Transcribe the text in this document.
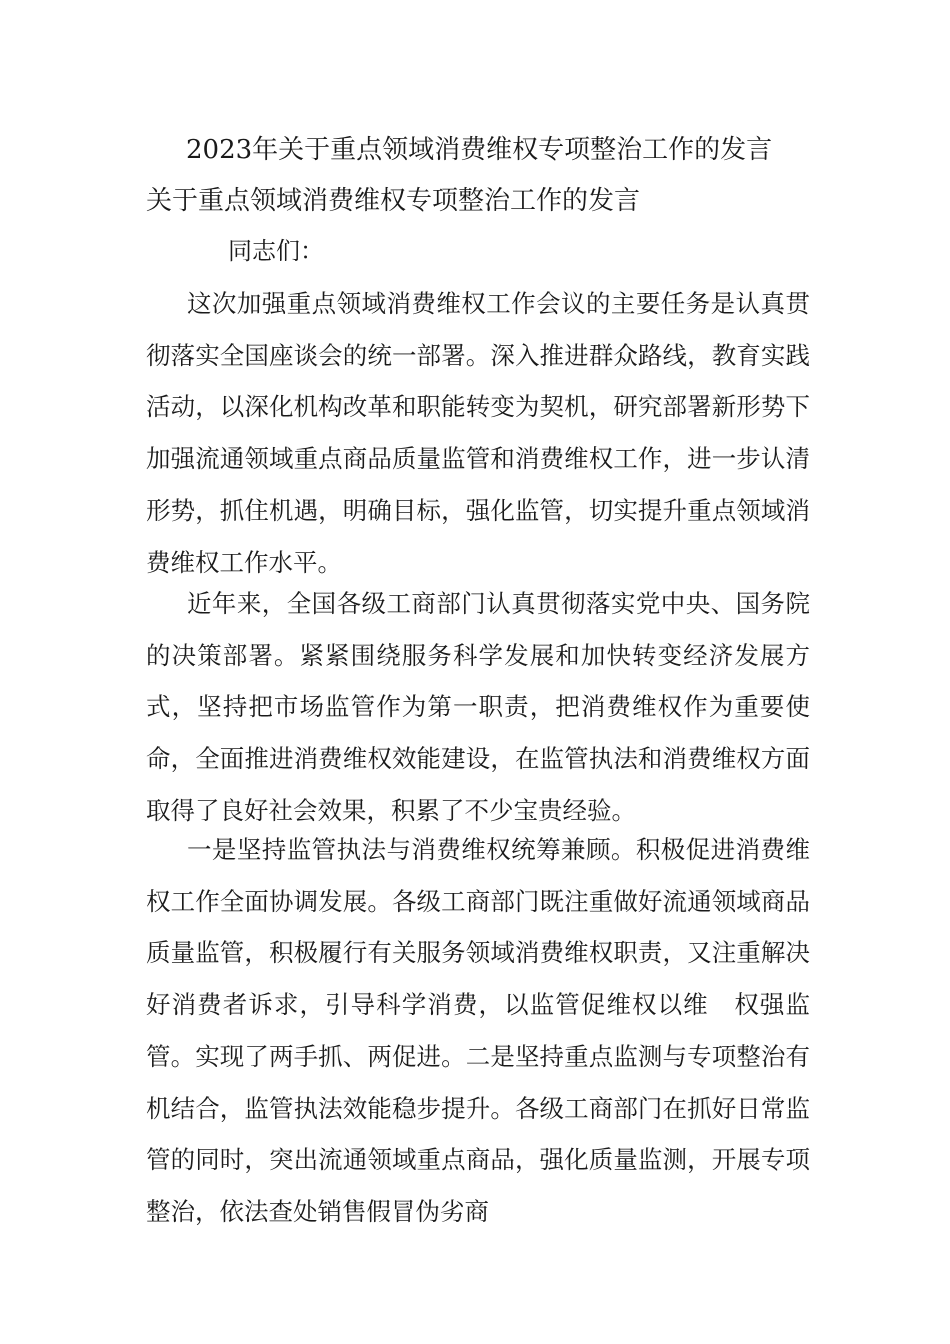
2023年关于重点领域消费维权专项整治工作的发言
关于重点领域消费维权专项整治工作的发言
同志们：

这次加强重点领域消费维权工作会议的主要任务是认真贯彻落实全国座谈会的统一部署。深入推进群众路线，教育实践活动，以深化机构改革和职能转变为契机，研究部署新形势下加强流通领域重点商品质量监管和消费维权工作，进一步认清形势，抓住机遇，明确目标，强化监管，切实提升重点领域消费维权工作水平。

近年来，全国各级工商部门认真贯彻落实党中央、国务院的决策部署。紧紧围绕服务科学发展和加快转变经济发展方式，坚持把市场监管作为第一职责，把消费维权作为重要使命，全面推进消费维权效能建设，在监管执法和消费维权方面取得了良好社会效果，积累了不少宝贵经验。

一是坚持监管执法与消费维权统筹兼顾。积极促进消费维权工作全面协调发展。各级工商部门既注重做好流通领域商品质量监管，积极履行有关服务领域消费维权职责，又注重解决好消费者诉求，引导科学消费，以监管促维权以维　权强监管。实现了两手抓、两促进。二是坚持重点监测与专项整治有机结合，监管执法效能稳步提升。各级工商部门在抓好日常监管的同时，突出流通领域重点商品，强化质量监测，开展专项整治，依法查处销售假冒伪劣商
